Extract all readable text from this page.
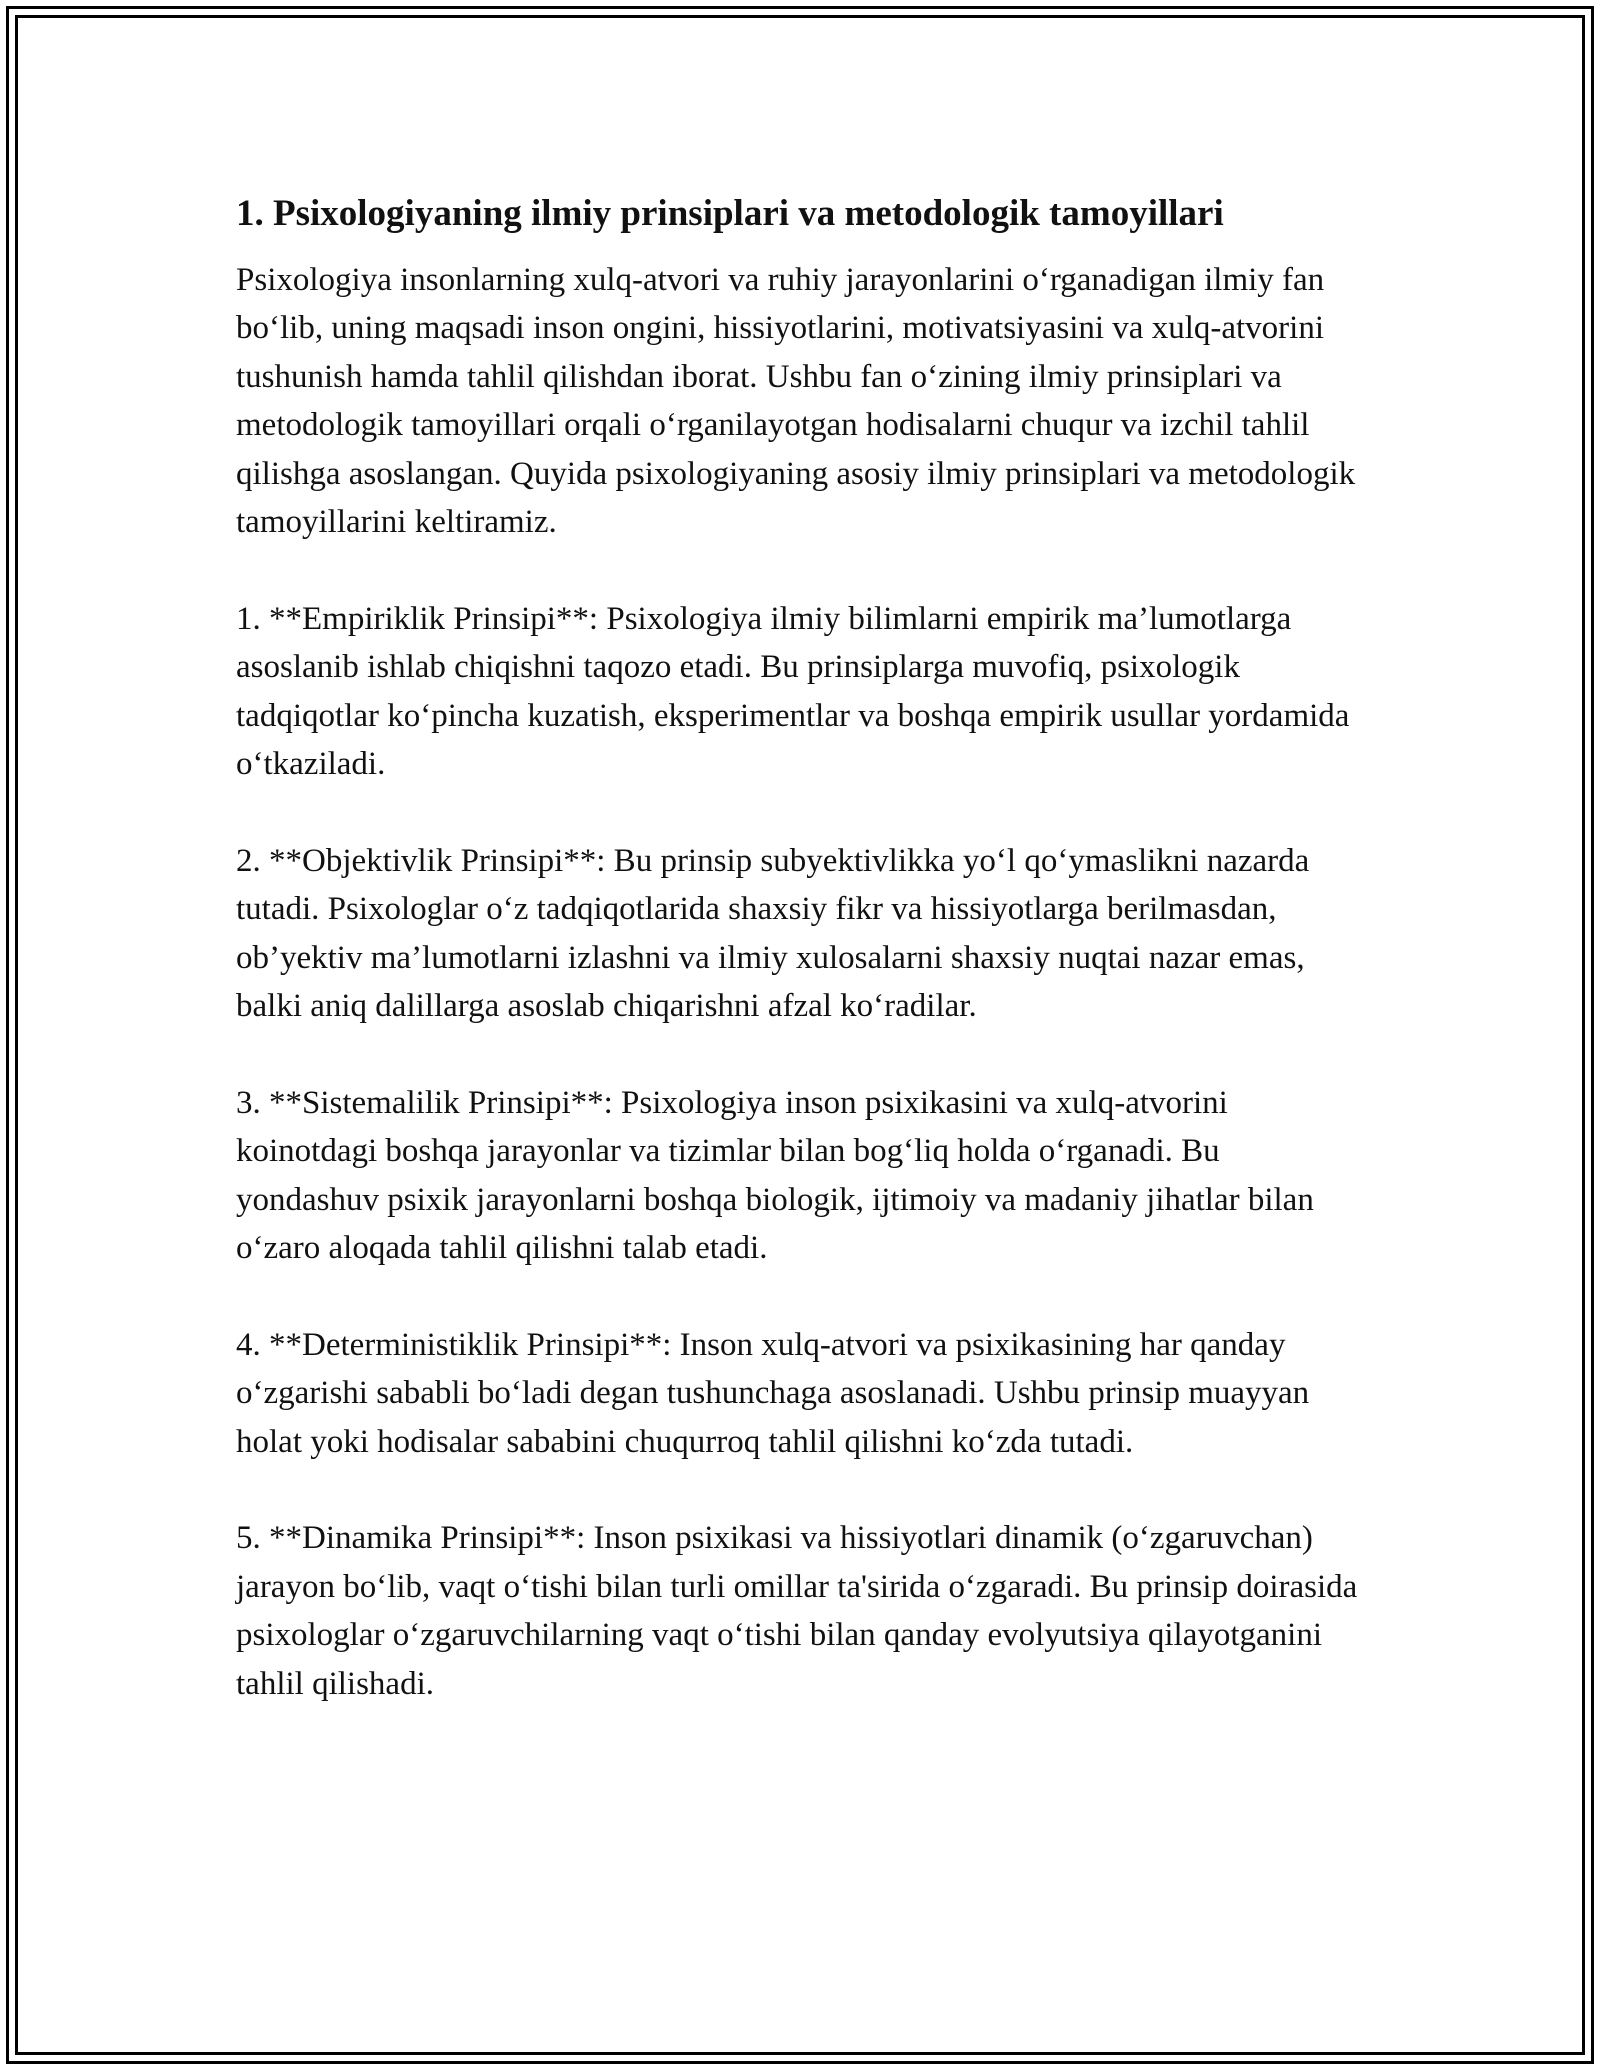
1. Psixologiyaning ilmiy prinsiplari va metodologik tamoyillari

Psixologiya insonlarning xulq-atvori va ruhiy jarayonlarini o‘rganadigan ilmiy fan bo‘lib, uning maqsadi inson ongini, hissiyotlarini, motivatsiyasini va xulq-atvorini tushunish hamda tahlil qilishdan iborat. Ushbu fan o‘zining ilmiy prinsiplari va metodologik tamoyillari orqali o‘rganilayotgan hodisalarni chuqur va izchil tahlil qilishga asoslangan. Quyida psixologiyaning asosiy ilmiy prinsiplari va metodologik tamoyillarini keltiramiz.

1. **Empiriklik Prinsipi**: Psixologiya ilmiy bilimlarni empirik ma’lumotlarga asoslanib ishlab chiqishni taqozo etadi. Bu prinsiplarga muvofiq, psixologik tadqiqotlar ko‘pincha kuzatish, eksperimentlar va boshqa empirik usullar yordamida o‘tkaziladi.

2. **Objektivlik Prinsipi**: Bu prinsip subyektivlikka yo‘l qo‘ymaslikni nazarda tutadi. Psixologlar o‘z tadqiqotlarida shaxsiy fikr va hissiyotlarga berilmasdan, ob’yektiv ma’lumotlarni izlashni va ilmiy xulosalarni shaxsiy nuqtai nazar emas, balki aniq dalillarga asoslab chiqarishni afzal ko‘radilar.

3. **Sistemalilik Prinsipi**: Psixologiya inson psixikasini va xulq-atvorini koinotdagi boshqa jarayonlar va tizimlar bilan bog‘liq holda o‘rganadi. Bu yondashuv psixik jarayonlarni boshqa biologik, ijtimoiy va madaniy jihatlar bilan o‘zaro aloqada tahlil qilishni talab etadi.

4. **Deterministiklik Prinsipi**: Inson xulq-atvori va psixikasining har qanday o‘zgarishi sababli bo‘ladi degan tushunchaga asoslanadi. Ushbu prinsip muayyan holat yoki hodisalar sababini chuqurroq tahlil qilishni ko‘zda tutadi.

5. **Dinamika Prinsipi**: Inson psixikasi va hissiyotlari dinamik (o‘zgaruvchan) jarayon bo‘lib, vaqt o‘tishi bilan turli omillar ta'sirida o‘zgaradi. Bu prinsip doirasida psixologlar o‘zgaruvchilarning vaqt o‘tishi bilan qanday evolyutsiya qilayotganini tahlil qilishadi.
